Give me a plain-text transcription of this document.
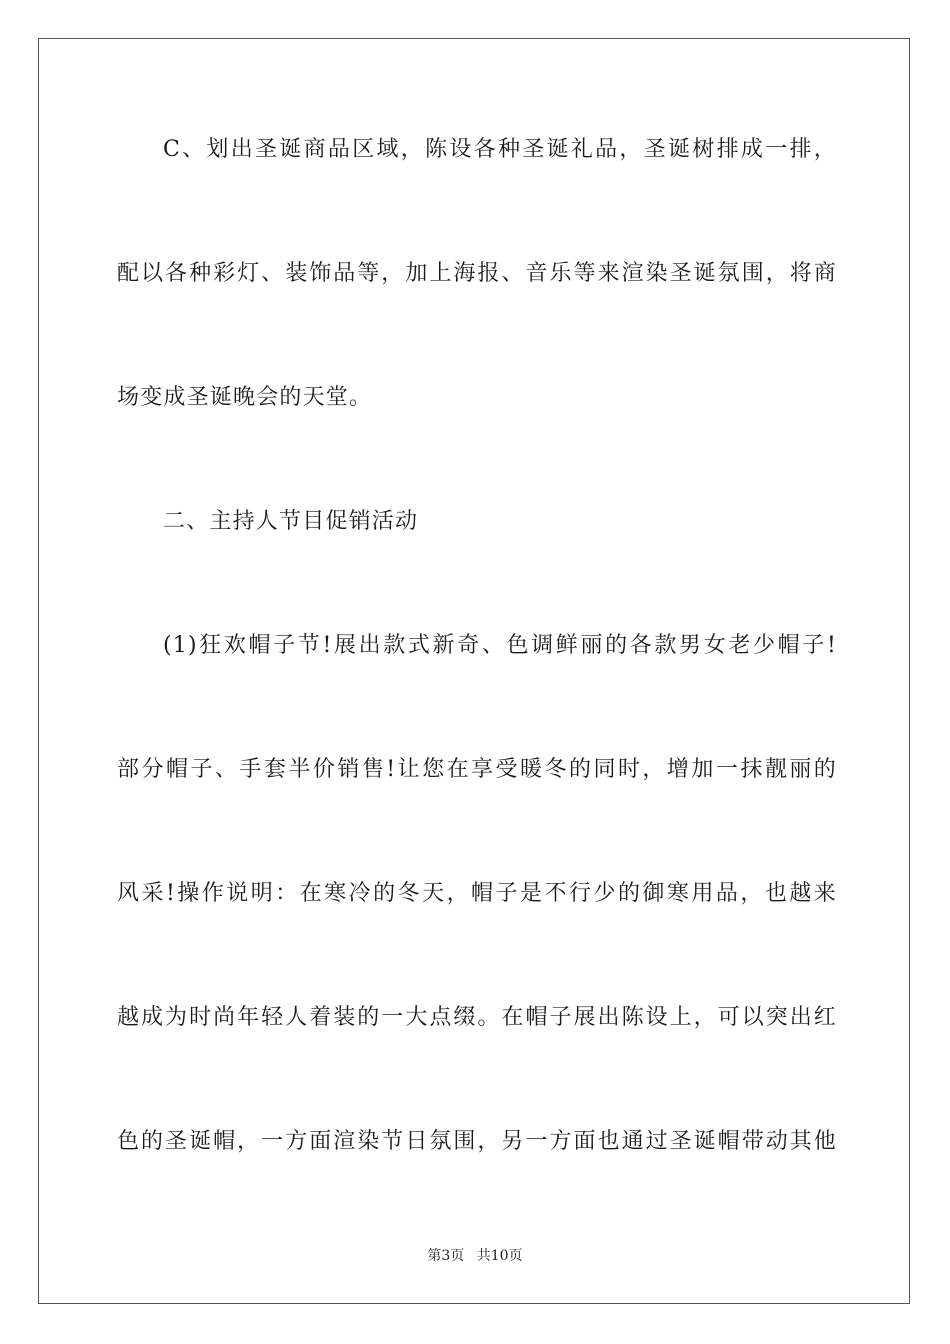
C、划出圣诞商品区域，陈设各种圣诞礼品，圣诞树排成一排，
配以各种彩灯、装饰品等，加上海报、音乐等来渲染圣诞氛围，将商
场变成圣诞晚会的天堂。
二、主持人节目促销活动
(1)狂欢帽子节!展出款式新奇、色调鲜丽的各款男女老少帽子!
部分帽子、手套半价销售!让您在享受暖冬的同时，增加一抹靓丽的
风采!操作说明：在寒冷的冬天，帽子是不行少的御寒用品，也越来
越成为时尚年轻人着装的一大点缀。在帽子展出陈设上，可以突出红
色的圣诞帽，一方面渲染节日氛围，另一方面也通过圣诞帽带动其他
第3页 共10页
